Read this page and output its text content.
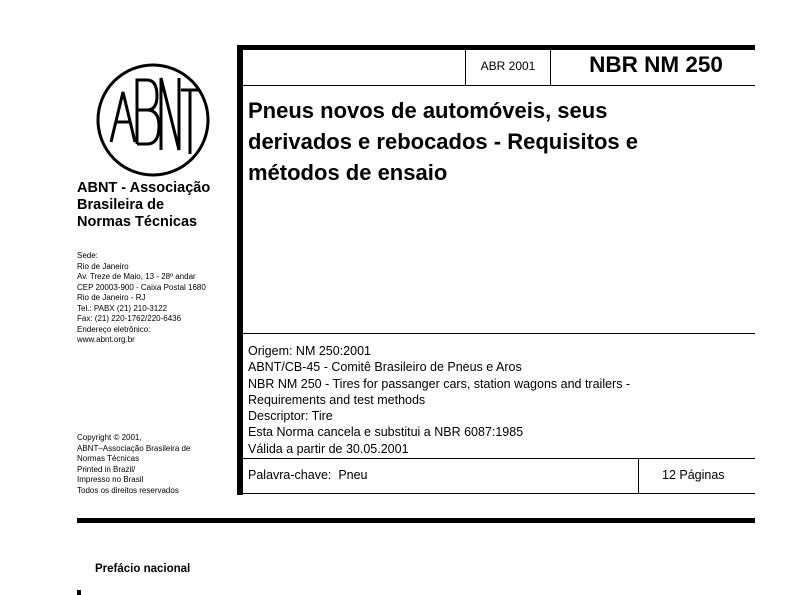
ABNT - Associação
Brasileira de
Normas Técnicas
Sede:
Rio de Janeiro
Av. Treze de Maio, 13 - 28º andar
CEP 20003-900 - Caixa Postal 1680
Rio de Janeiro - RJ
Tel.: PABX (21) 210-3122
Fax: (21) 220-1762/220-6436
Endereço eletrônico:
www.abnt.org.br
Copyright © 2001,
ABNT–Associação Brasileira de
Normas Técnicas
Printed in Brazil/
Impresso no Brasil
Todos os direitos reservados
ABR 2001	NBR NM 250
Pneus novos de automóveis, seus
derivados e rebocados - Requisitos e
métodos de ensaio
Origem: NM 250:2001
ABNT/CB-45 - Comitê Brasileiro de Pneus e Aros
NBR NM 250 - Tires for passanger cars, station wagons and trailers -
Requirements and test methods
Descriptor: Tire
Esta Norma cancela e substitui a NBR 6087:1985
Válida a partir de 30.05.2001
Palavra-chave:  Pneu	12 Páginas
Prefácio nacional
